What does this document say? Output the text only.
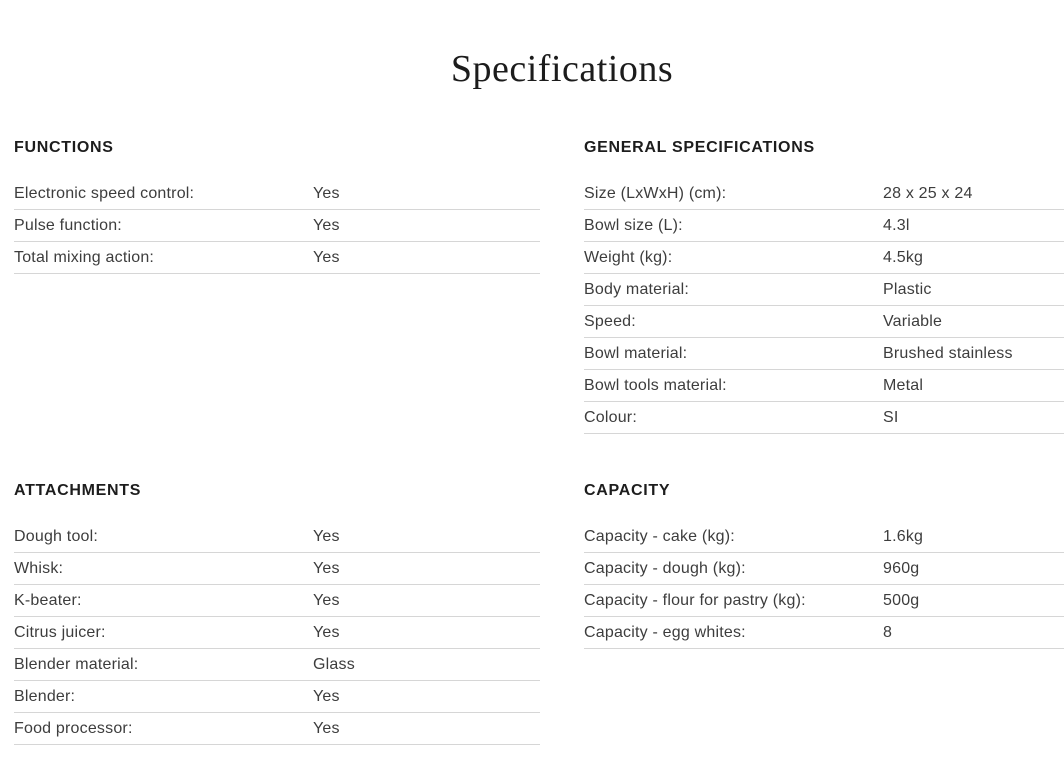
Specifications
FUNCTIONS
Electronic speed control:	Yes
Pulse function:	Yes
Total mixing action:	Yes
GENERAL SPECIFICATIONS
Size (LxWxH) (cm):	28 x 25 x 24
Bowl size (L):	4.3l
Weight (kg):	4.5kg
Body material:	Plastic
Speed:	Variable
Bowl material:	Brushed stainless
Bowl tools material:	Metal
Colour:	SI
ATTACHMENTS
Dough tool:	Yes
Whisk:	Yes
K-beater:	Yes
Citrus juicer:	Yes
Blender material:	Glass
Blender:	Yes
Food processor:	Yes
CAPACITY
Capacity - cake (kg):	1.6kg
Capacity - dough (kg):	960g
Capacity - flour for pastry (kg):	500g
Capacity - egg whites:	8
